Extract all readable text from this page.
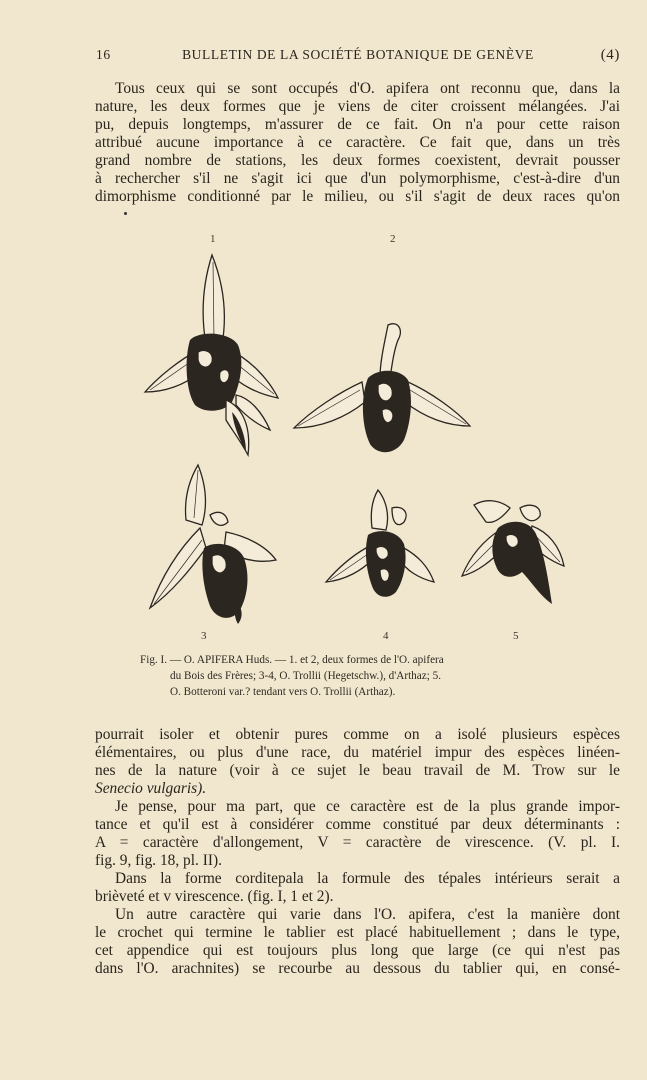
16	BULLETIN DE LA SOCIÉTÉ BOTANIQUE DE GENÈVE	(4)
Tous ceux qui se sont occupés d'O. apifera ont reconnu que, dans la
nature, les deux formes que je viens de citer croissent mélangées. J'ai
pu, depuis longtemps, m'assurer de ce fait. On n'a pour cette raison
attribué aucune importance à ce caractère. Ce fait que, dans un très
grand nombre de stations, les deux formes coexistent, devrait pousser
à rechercher s'il ne s'agit ici que d'un polymorphisme, c'est-à-dire d'un
dimorphisme conditionné par le milieu, ou s'il s'agit de deux races qu'on
1	2
3	4	5
Fig. I. — O. APIFERA Huds. — 1. et 2, deux formes de l'O. apifera
du Bois des Frères; 3-4, O. Trollii (Hegetschw.), d'Arthaz; 5.
O. Botteroni var.? tendant vers O. Trollii (Arthaz).
pourrait isoler et obtenir pures comme on a isolé plusieurs espèces
élémentaires, ou plus d'une race, du matériel impur des espèces linéen-
nes de la nature (voir à ce sujet le beau travail de M. Trow sur le
Senecio vulgaris).
Je pense, pour ma part, que ce caractère est de la plus grande impor-
tance et qu'il est à considérer comme constitué par deux déterminants :
A = caractère d'allongement, V = caractère de virescence. (V. pl. I.
fig. 9, fig. 18, pl. II).
Dans la forme corditepala la formule des tépales intérieurs serait a
brièveté et v virescence. (fig. I, 1 et 2).
Un autre caractère qui varie dans l'O. apifera, c'est la manière dont
le crochet qui termine le tablier est placé habituellement ; dans le type,
cet appendice qui est toujours plus long que large (ce qui n'est pas
dans l'O. arachnites) se recourbe au dessous du tablier qui, en consé-
